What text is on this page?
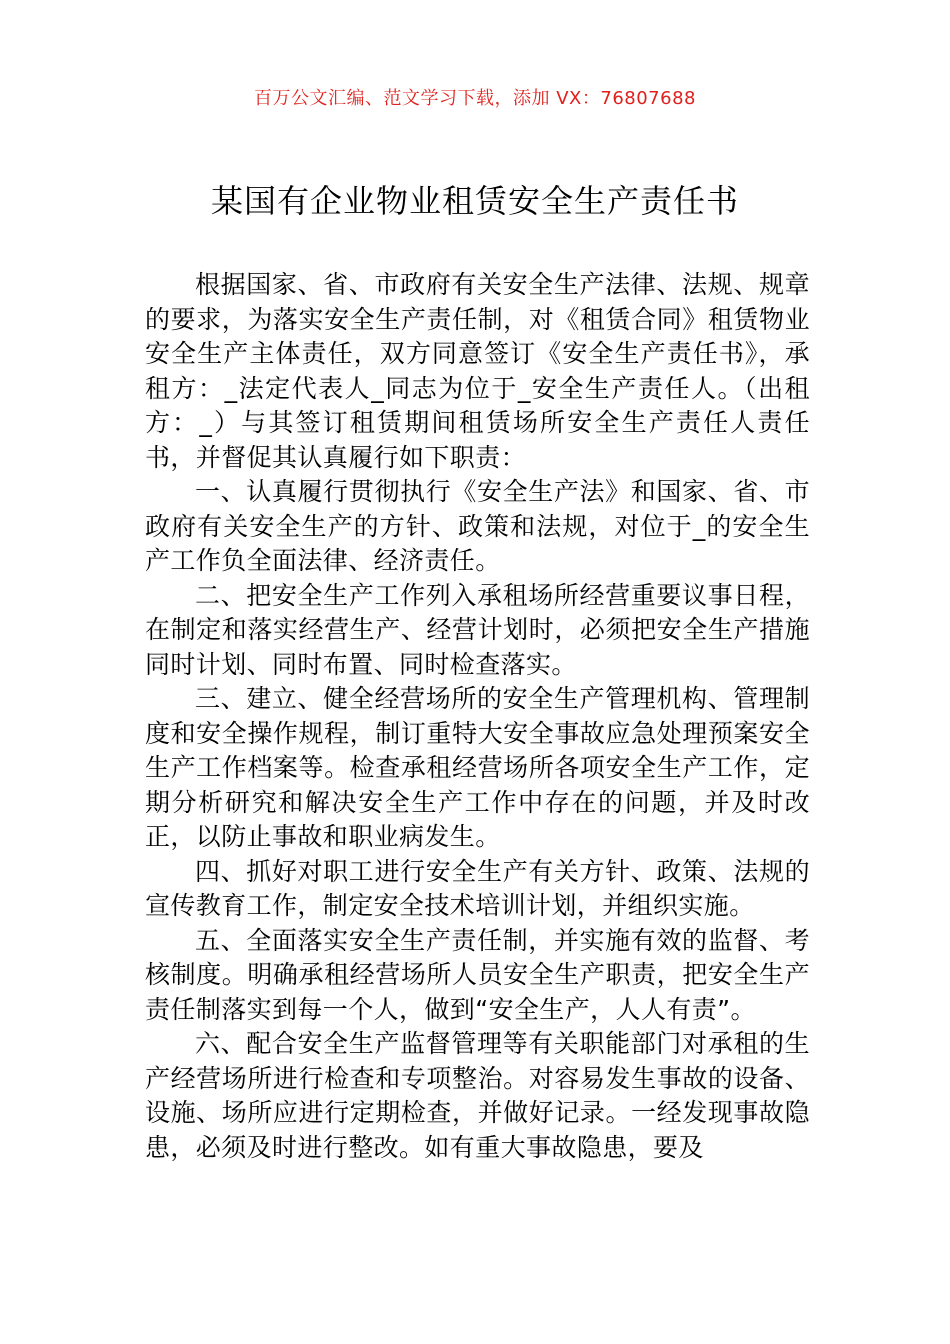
百万公文汇编、范文学习下载，添加 VX：76807688
某国有企业物业租赁安全生产责任书

根据国家、省、市政府有关安全生产法律、法规、规章的要求，为落实安全生产责任制，对《租赁合同》租赁物业安全生产主体责任，双方同意签订《安全生产责任书》，承租方：_法定代表人_同志为位于_安全生产责任人。（出租方：_）与其签订租赁期间租赁场所安全生产责任人责任书，并督促其认真履行如下职责：

一、认真履行贯彻执行《安全生产法》和国家、省、市政府有关安全生产的方针、政策和法规，对位于_的安全生产工作负全面法律、经济责任。

二、把安全生产工作列入承租场所经营重要议事日程，在制定和落实经营生产、经营计划时，必须把安全生产措施同时计划、同时布置、同时检查落实。

三、建立、健全经营场所的安全生产管理机构、管理制度和安全操作规程，制订重特大安全事故应急处理预案安全生产工作档案等。检查承租经营场所各项安全生产工作，定期分析研究和解决安全生产工作中存在的问题，并及时改正，以防止事故和职业病发生。

四、抓好对职工进行安全生产有关方针、政策、法规的宣传教育工作，制定安全技术培训计划，并组织实施。

五、全面落实安全生产责任制，并实施有效的监督、考核制度。明确承租经营场所人员安全生产职责，把安全生产责任制落实到每一个人，做到“安全生产，人人有责”。

六、配合安全生产监督管理等有关职能部门对承租的生产经营场所进行检查和专项整治。对容易发生事故的设备、设施、场所应进行定期检查，并做好记录。一经发现事故隐患，必须及时进行整改。如有重大事故隐患，要及
